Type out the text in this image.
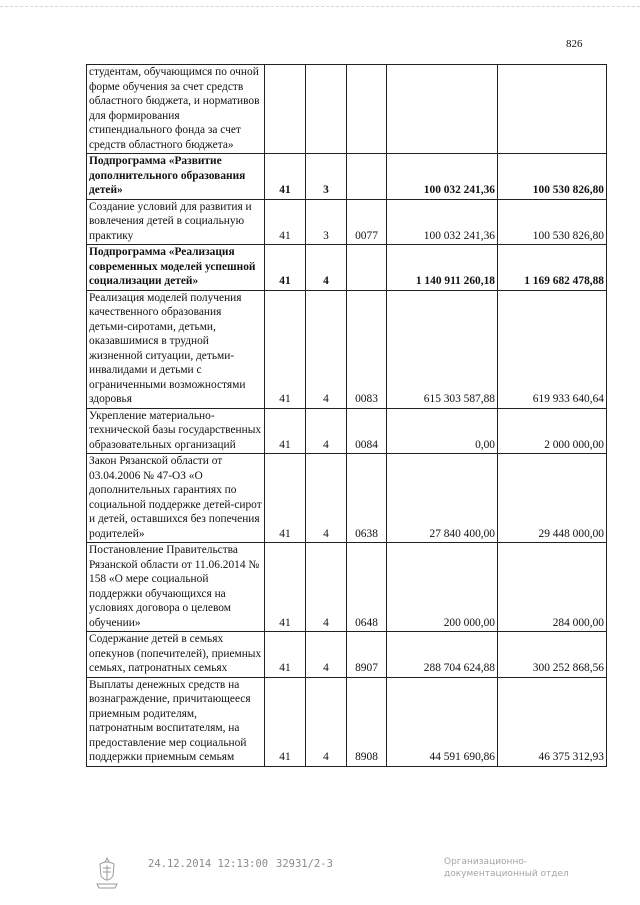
826
студентам, обучающимся по очной форме обучения за счет средств областного бюджета, и нормативов для формирования стипендиального фонда за счет средств областного бюджета»					
Подпрограмма «Развитие дополнительного образования детей»	41	3		100 032 241,36	100 530 826,80
Создание условий для развития и вовлечения детей в социальную практику	41	3	0077	100 032 241,36	100 530 826,80
Подпрограмма «Реализация современных моделей успешной социализации детей»	41	4		1 140 911 260,18	1 169 682 478,88
Реализация моделей получения качественного образования детьми-сиротами, детьми, оказавшимися в трудной жизненной ситуации, детьми-инвалидами и детьми с ограниченными возможностями здоровья	41	4	0083	615 303 587,88	619 933 640,64
Укрепление материально-технической базы государственных образовательных организаций	41	4	0084	0,00	2 000 000,00
Закон Рязанской области от 03.04.2006 № 47-ОЗ «О дополнительных гарантиях по социальной поддержке детей-сирот и детей, оставшихся без попечения родителей»	41	4	0638	27 840 400,00	29 448 000,00
Постановление Правительства Рязанской области от 11.06.2014 № 158 «О мере социальной поддержки обучающихся на условиях договора о целевом обучении»	41	4	0648	200 000,00	284 000,00
Содержание детей в семьях опекунов (попечителей), приемных семьях, патронатных семьях	41	4	8907	288 704 624,88	300 252 868,56
Выплаты денежных средств на вознаграждение, причитающееся приемным родителям, патронатным воспитателям, на предоставление мер социальной поддержки приемным семьям	41	4	8908	44 591 690,86	46 375 312,93
24.12.2014 12:13:00 32931/2-3	Организационно-
документационный отдел
